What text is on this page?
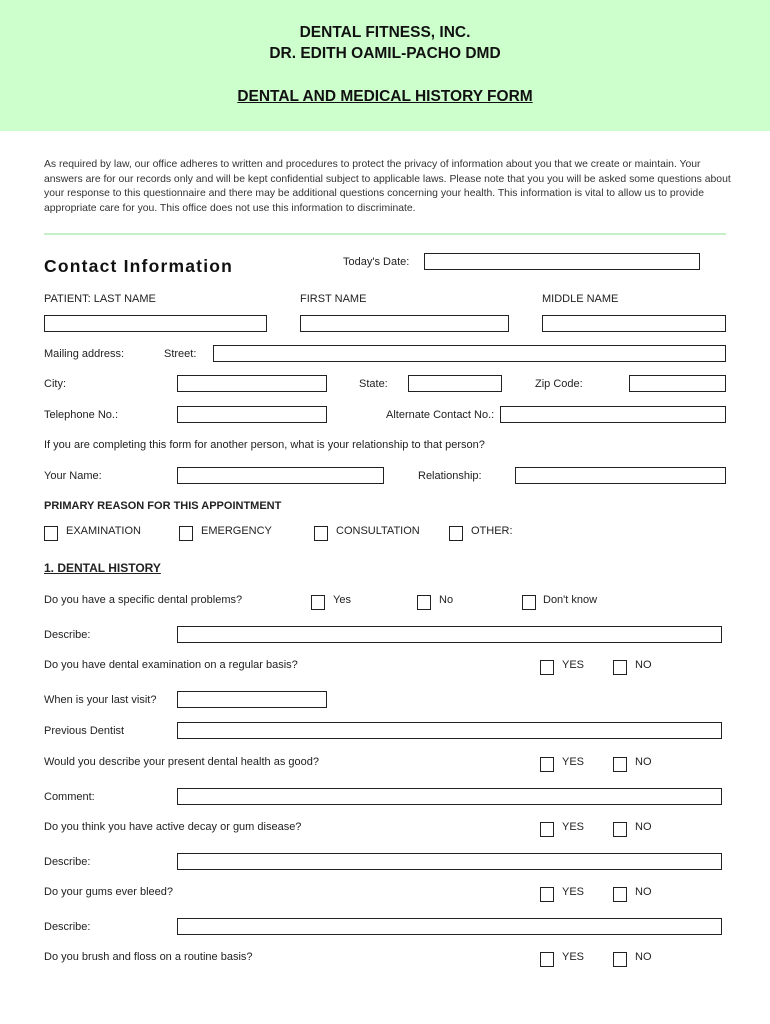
DENTAL FITNESS, INC.
DR. EDITH OAMIL-PACHO DMD
DENTAL AND MEDICAL HISTORY FORM
As required by law, our office adheres to written and procedures to protect the privacy of information about you that we create or maintain. Your answers are for our records only and will be kept confidential subject to applicable laws. Please note that you you will be asked some questions about your response to this questionnaire and there may be additional questions concerning your health. This information is vital to allow us to provide appropriate care for you. This office does not use this information to discriminate.
Contact Information	Today's Date:
PATIENT: LAST NAME	FIRST NAME	MIDDLE NAME
Mailing address:	Street:
City:	State:	Zip Code:
Telephone No.:	Alternate Contact No.:
If you are completing this form for another person, what is your relationship to that person?
Your Name:	Relationship:
PRIMARY REASON FOR THIS APPOINTMENT
EXAMINATION	EMERGENCY	CONSULTATION	OTHER:
1. DENTAL HISTORY
Do you have a specific dental problems?	Yes	No	Don't know
Describe:
Do you have dental examination on a regular basis?	YES	NO
When is your last visit?
Previous Dentist
Would you describe your present dental health as good?	YES	NO
Comment:
Do you think you have active decay or gum disease?	YES	NO
Describe:
Do your gums ever bleed?	YES	NO
Describe:
Do you brush and floss on a routine basis?	YES	NO
